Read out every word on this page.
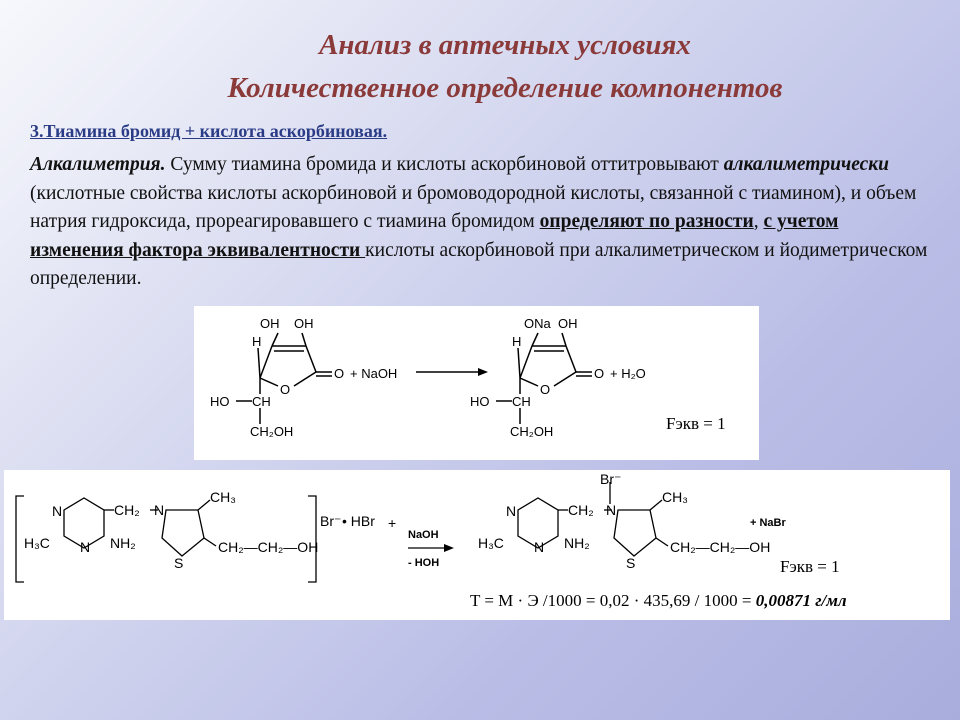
Анализ в аптечных условиях
Количественное определение компонентов
3.Тиамина бромид + кислота аскорбиновая.
Алкалиметрия. Сумму тиамина бромида и кислоты аскорбиновой оттитровывают алкалиметрически (кислотные свойства кислоты аскорбиновой и бромоводородной кислоты, связанной с тиамином), и объем натрия гидроксида, прореагировавшего с тиамина бромидом определяют по разности, с учетом изменения фактора эквивалентности кислоты аскорбиновой при алкалиметрическом и йодиметрическом определении.
OH OH
H
O
O
HO CH
CH₂OH
+ NaOH
ONa OH
H
O
O
HO CH
CH₂OH
+ H₂O
Fэкв = 1
CH₂
N
N
N
H₃C	NH₂
CH₃
S
CH₂—CH₂—OH
Br⁻ • HBr +
CH₂
N
N
N
H₃C	NH₂
CH₃
S
CH₂—CH₂—OH
Br⁻
NaOH
- HOH
+ NaBr
Fэкв = 1
T = M · Э /1000 = 0,02 · 435,69 / 1000 = 0,00871 г/мл
